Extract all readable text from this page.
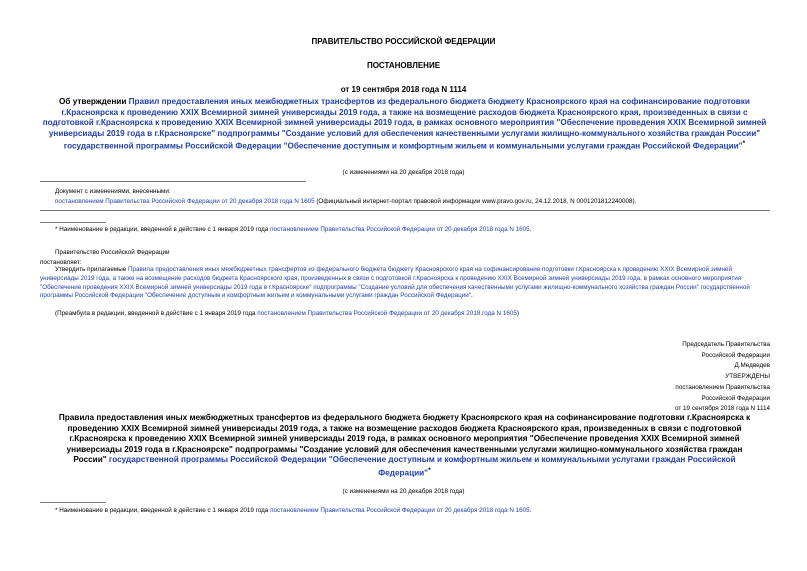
ПРАВИТЕЛЬСТВО РОССИЙСКОЙ ФЕДЕРАЦИИ
ПОСТАНОВЛЕНИЕ
от 19 сентября 2018 года N 1114
Об утверждении Правил предоставления иных межбюджетных трансфертов из федерального бюджета бюджету Красноярского края на софинансирование подготовки г.Красноярска к проведению XXIX Всемирной зимней универсиады 2019 года, а также на возмещение расходов бюджета Красноярского края, произведенных в связи с подготовкой г.Красноярска к проведению XXIX Всемирной зимней универсиады 2019 года, в рамках основного мероприятия "Обеспечение проведения XXIX Всемирной зимней универсиады 2019 года в г.Красноярске" подпрограммы "Создание условий для обеспечения качественными услугами жилищно-коммунального хозяйства граждан России" государственной программы Российской Федерации "Обеспечение доступным и комфортным жильем и коммунальными услугами граждан Российской Федерации"*
(с изменениями на 20 декабря 2018 года)
Документ с изменениями, внесенными:
постановлением Правительства Российской Федерации от 20 декабря 2018 года N 1605 (Официальный интернет-портал правовой информации www.pravo.gov.ru, 24.12.2018, N 0001201812240008).
* Наименование в редакции, введенной в действие с 1 января 2019 года постановлением Правительства Российской Федерации от 20 декабря 2018 года N 1605.
Правительство Российской Федерации
постановляет:
Утвердить прилагаемые Правила предоставления иных межбюджетных трансфертов из федерального бюджета бюджету Красноярского края на софинансирование подготовки г.Красноярска к проведению XXIX Всемирной зимней универсиады 2019 года, а также на возмещение расходов бюджета Красноярского края, произведенных в связи с подготовкой г.Красноярска к проведению XXIX Всемирной зимней универсиады 2019 года, в рамках основного мероприятия "Обеспечение проведения XXIX Всемирной зимней универсиады 2019 года в г.Красноярске" подпрограммы "Создание условий для обеспечения качественными услугами жилищно-коммунального хозяйства граждан России" государственной программы Российской Федерации "Обеспечение доступным и комфортным жильем и коммунальными услугами граждан Российской Федерации".
(Преамбула в редакции, введенной в действие с 1 января 2019 года постановлением Правительства Российской Федерации от 20 декабря 2018 года N 1605)
Председатель Правительства
Российской Федерации
Д.Медведев
УТВЕРЖДЕНЫ
постановлением Правительства
Российской Федерации
от 19 сентября 2018 года N 1114
Правила предоставления иных межбюджетных трансфертов из федерального бюджета бюджету Красноярского края на софинансирование подготовки г.Красноярска к проведению XXIX Всемирной зимней универсиады 2019 года, а также на возмещение расходов бюджета Красноярского края, произведенных в связи с подготовкой г.Красноярска к проведению XXIX Всемирной зимней универсиады 2019 года, в рамках основного мероприятия "Обеспечение проведения XXIX Всемирной зимней универсиады 2019 года в г.Красноярске" подпрограммы "Создание условий для обеспечения качественными услугами жилищно-коммунального хозяйства граждан России" государственной программы Российской Федерации "Обеспечение доступным и комфортным жильем и коммунальными услугами граждан Российской Федерации"*
(с изменениями на 20 декабря 2018 года)
* Наименование в редакции, введенной в действие с 1 января 2019 года постановлением Правительства Российской Федерации от 20 декабря 2018 года N 1605.
